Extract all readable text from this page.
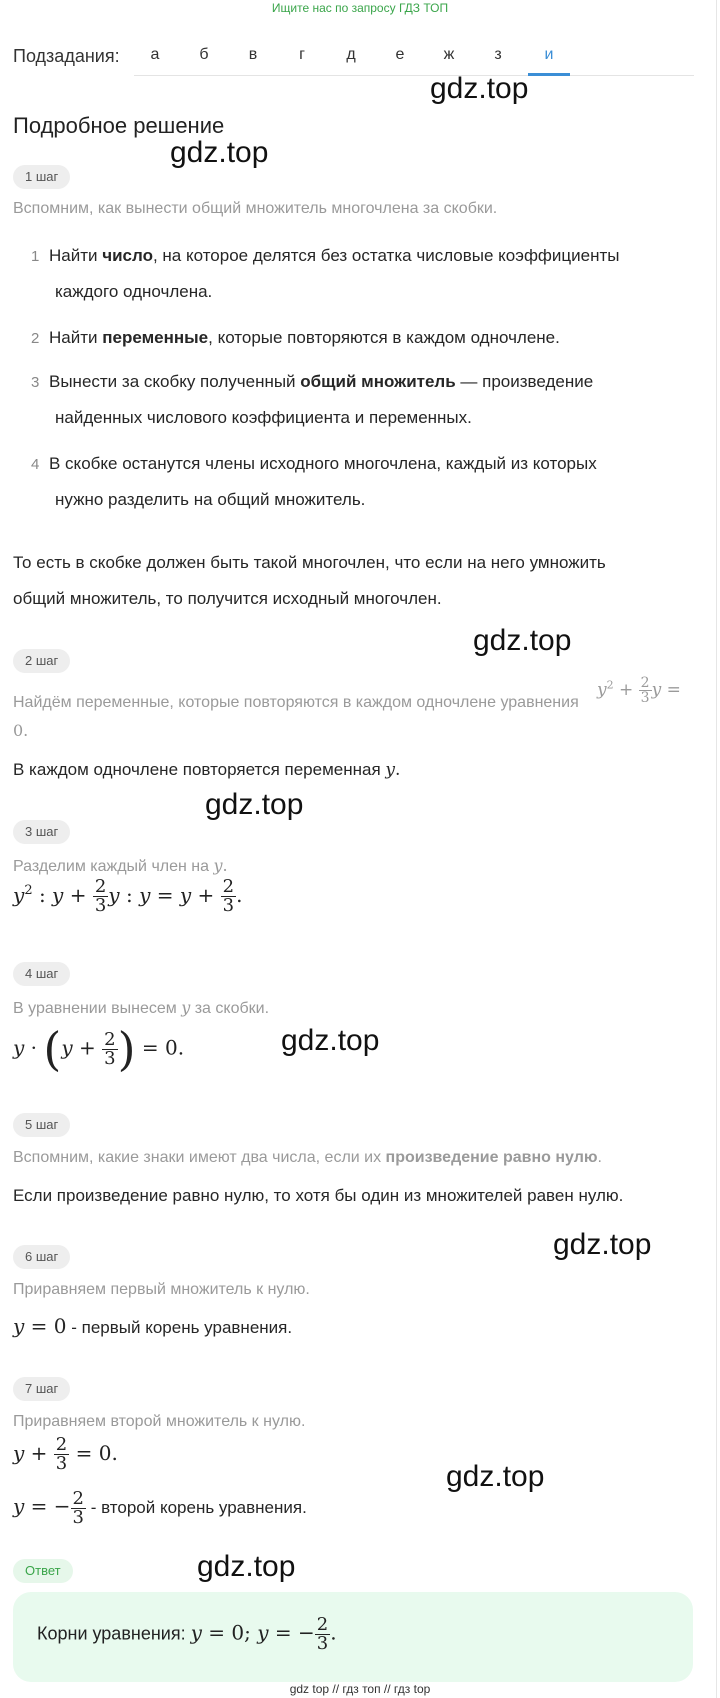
Ищите нас по запросу ГДЗ ТОП
Подзадания:	а	б	в	г	д	е	ж	з	и
gdz.top
gdz.top
gdz.top
gdz.top
gdz.top
gdz.top
gdz.top
gdz.top
Подробное решение
1 шаг
Вспомним, как вынести общий множитель многочлена за скобки.
1 Найти число, на которое делятся без остатка числовые коэффициенты
каждого одночлена.
2 Найти переменные, которые повторяются в каждом одночлене.
3 Вынести за скобку полученный общий множитель — произведение
найденных числового коэффициента и переменных.
4 В скобке останутся члены исходного многочлена, каждый из которых
нужно разделить на общий множитель.
То есть в скобке должен быть такой многочлен, что если на него умножить
общий множитель, то получится исходный многочлен.
2 шаг
Найдём переменные, которые повторяются в каждом одночлене уравнения
$y^2 + \frac{2}{3}$ y =
0.
В каждом одночлене повторяется переменная y.
3 шаг
Разделим каждый член на y.
$y^2$ : $y + \frac{2}{3}$ y : $y = y + \frac{2}{3}$ .
4 шаг
В уравнении вынесем y за скобки.
$y \cdot (y + \frac{2}{3}$ ) = 0.
5 шаг
Вспомним, какие знаки имеют два числа, если их произведение равно нулю.
Если произведение равно нулю, то хотя бы один из множителей равен нулю.
6 шаг
Приравняем первый множитель к нулю.
y = 0 - первый корень уравнения.
7 шаг
Приравняем второй множитель к нулю.
$y + \frac{2}{3} = 0$.
y = − $\frac{2}{3}$ - второй корень уравнения.
Ответ
Корни уравнения: y = 0; y = − $\frac{2}{3}$ .
gdz top // гдз топ // гдз top
